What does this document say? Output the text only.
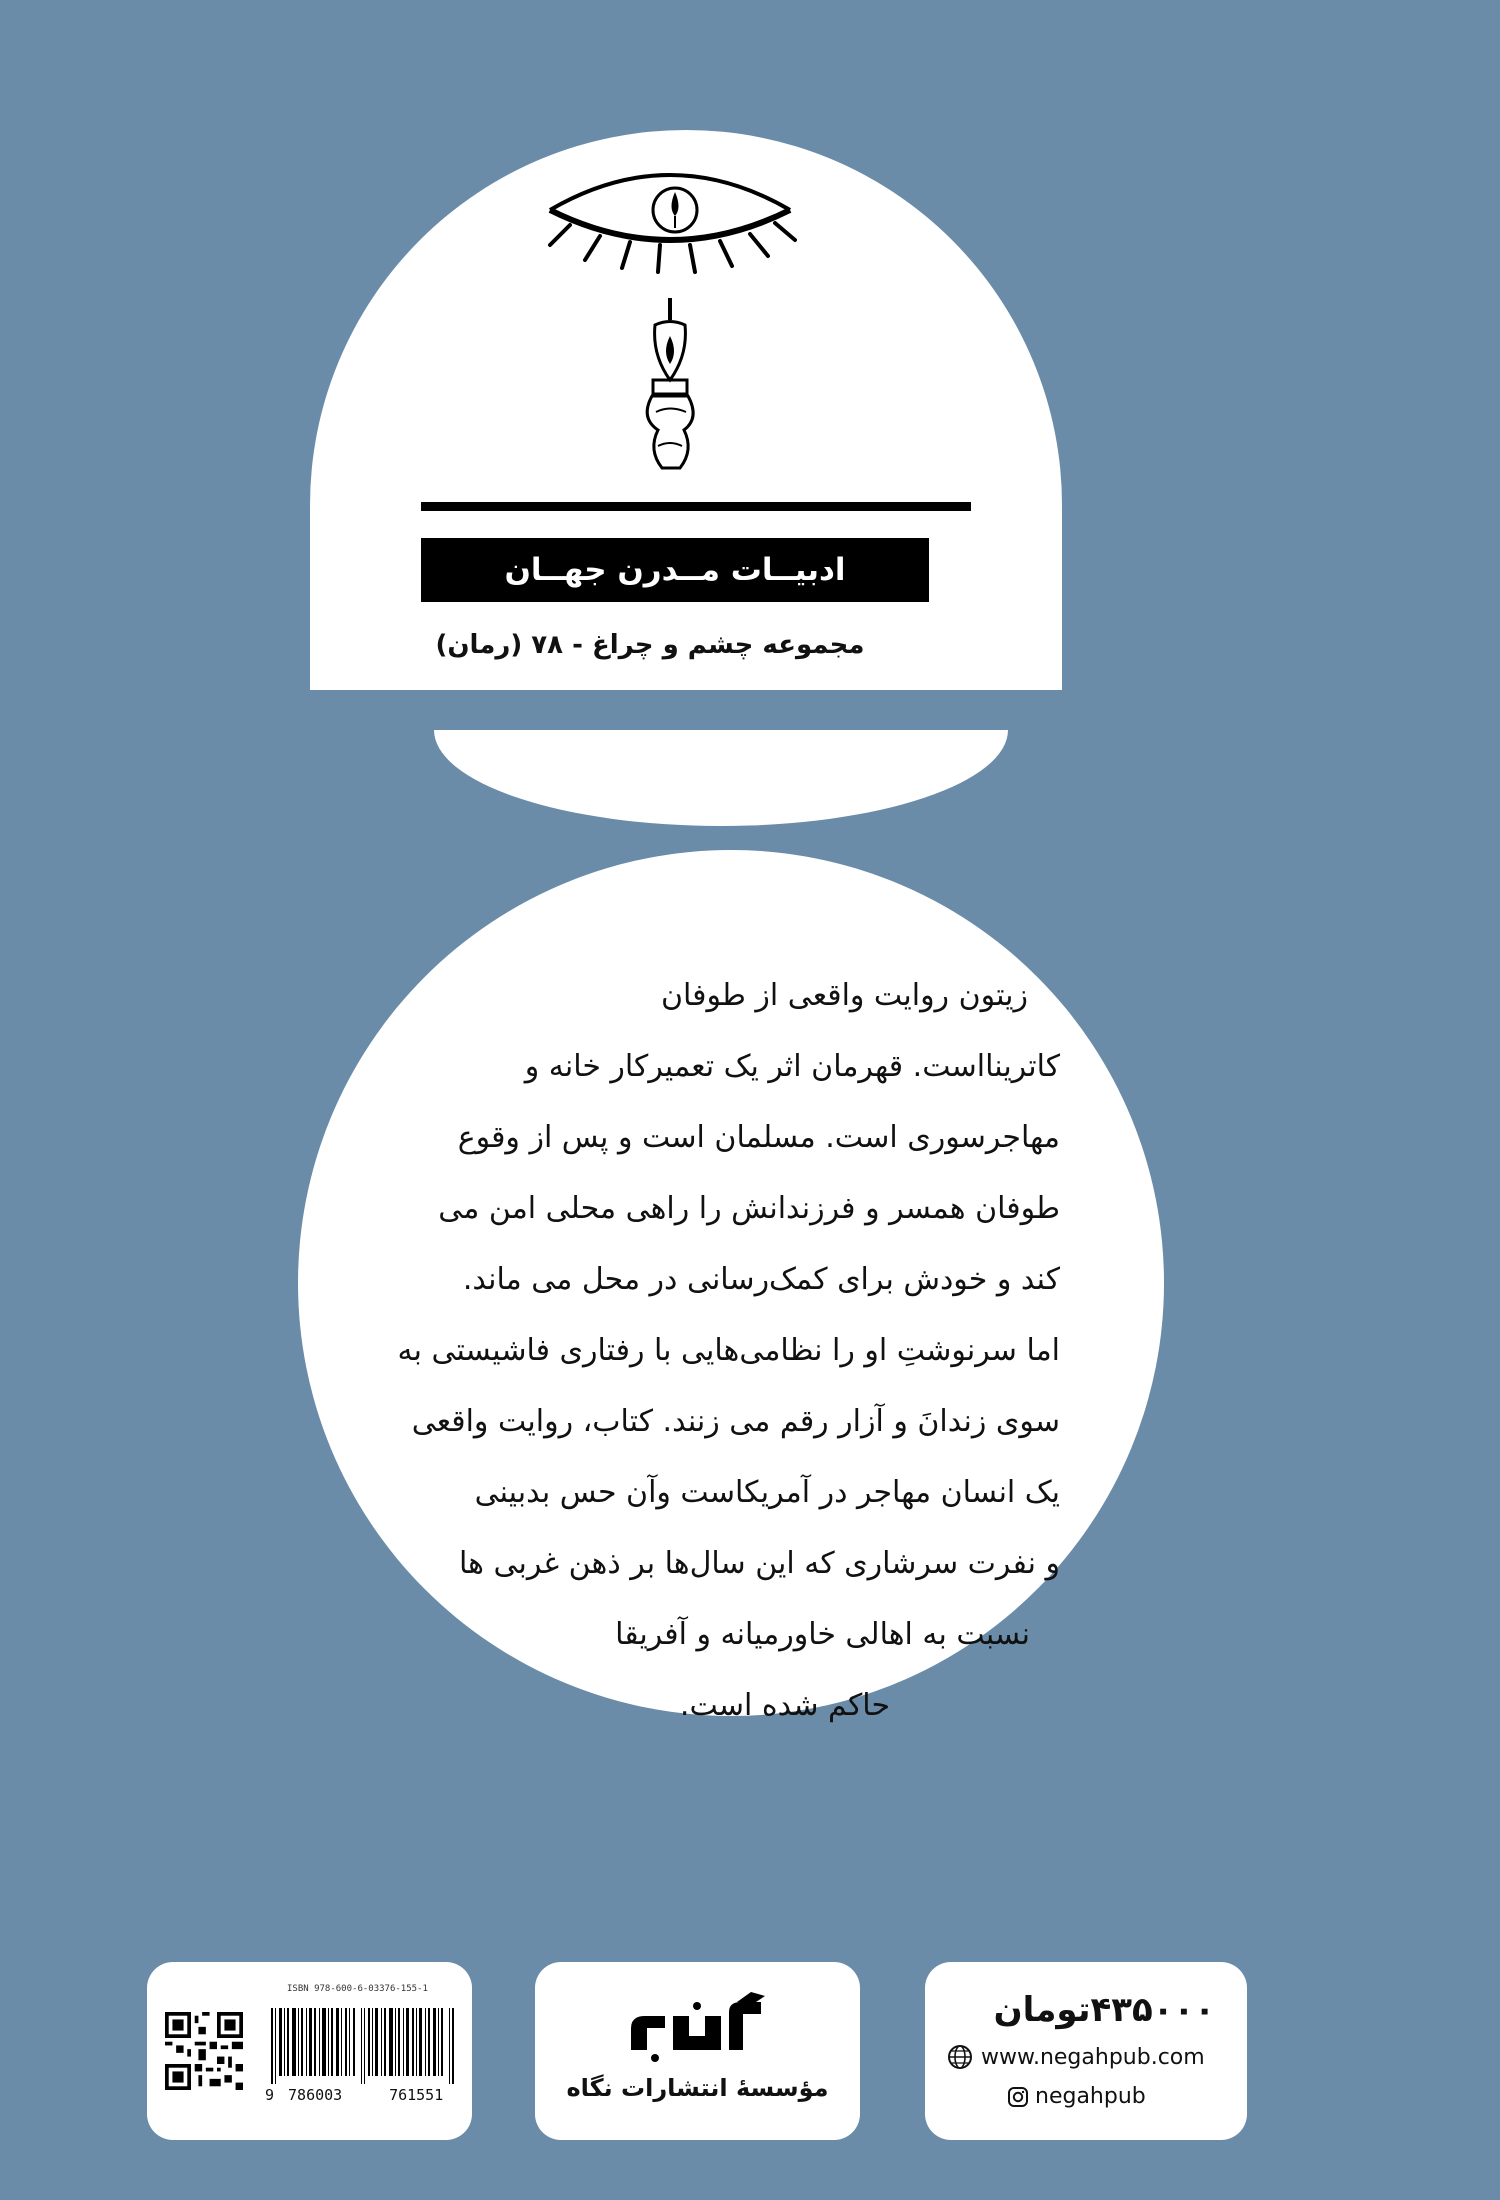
ادبیــات مــدرن جهــان
مجموعه چشم و چراغ - ۷۸ (رمان)
زیتون روایت واقعی از طوفان
کاترینااست. قهرمان اثر یک تعمیرکار خانه و
مهاجرسوری است. مسلمان است و پس از وقوع
طوفان همسر و فرزندانش را راهی محلی امن می
کند و خودش برای کمک‌رسانی در محل می ماند.
اما سرنوشتِ او را نظامی‌هایی با رفتاری فاشیستی به
سوی زندانَ و آزار رقم می زنند. کتاب، روایت واقعی
یک انسان مهاجر در آمریکاست وآن حس بدبینی
و نفرت سرشاری که این سال‌ها بر ذهن غربی ها
نسبت به اهالی خاورمیانه و آفریقا
حاکم شده است.
ISBN 978-600-6-03376-155-1
9 786003	761551	مؤسسهٔ انتشارات نگاه
۴۳۵۰۰۰تومان
www.negahpub.com
negahpub
